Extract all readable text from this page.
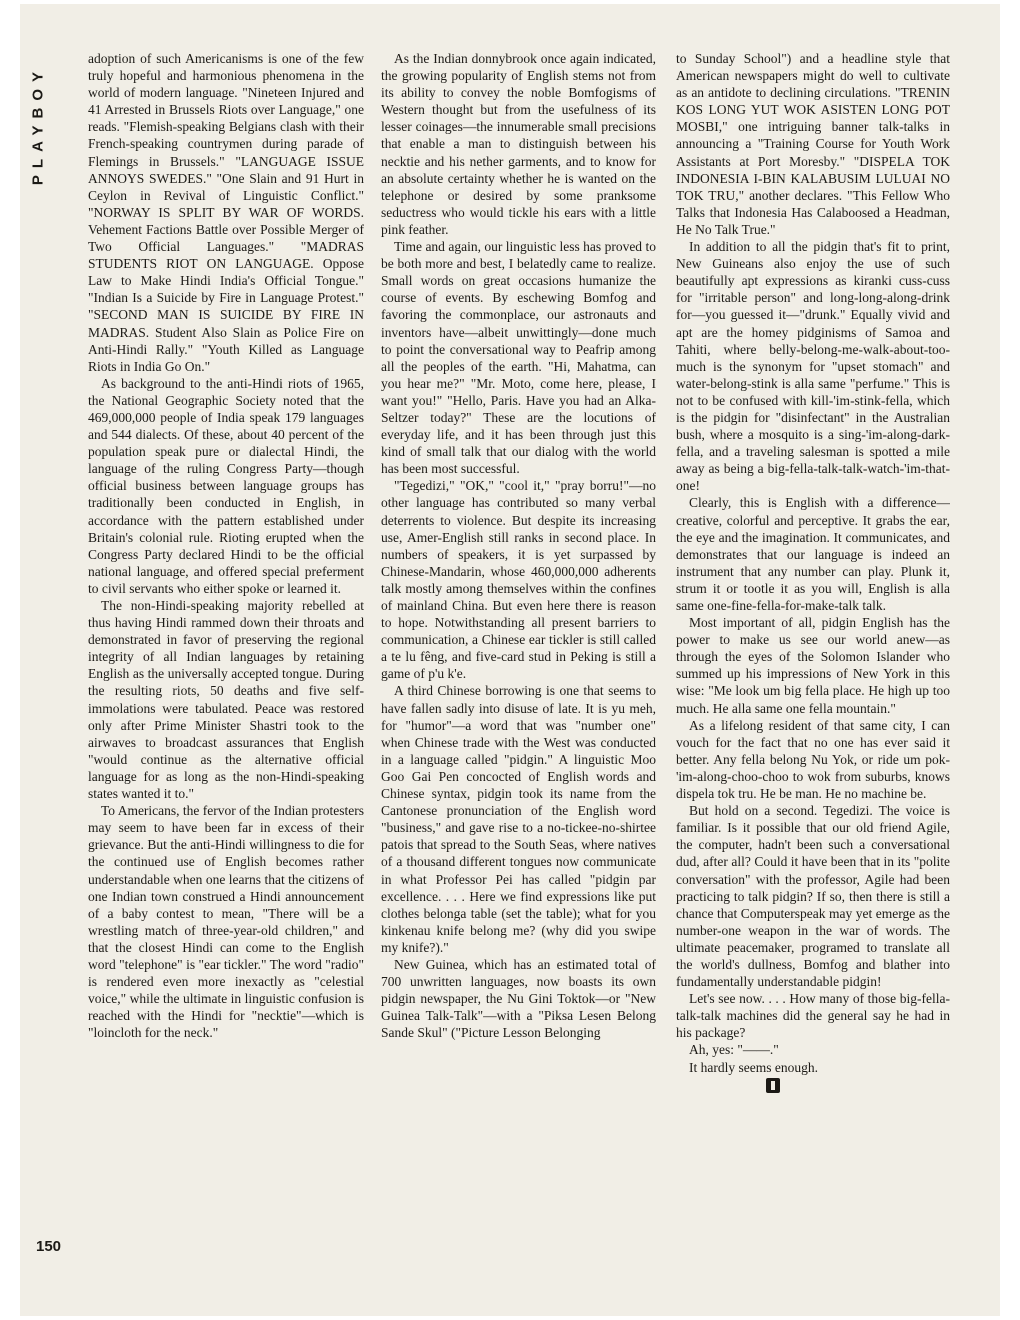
PLAYBOY

adoption of such Americanisms is one of the few truly hopeful and harmonious phenomena in the world of modern language. "Nineteen Injured and 41 Arrested in Brussels Riots over Language," one reads. "Flemish-speaking Belgians clash with their French-speaking countrymen during parade of Flemings in Brussels." "LANGUAGE ISSUE ANNOYS SWEDES." "One Slain and 91 Hurt in Ceylon in Revival of Linguistic Conflict." "NORWAY IS SPLIT BY WAR OF WORDS. Vehement Factions Battle over Possible Merger of Two Official Languages." "MADRAS STUDENTS RIOT ON LANGUAGE. Oppose Law to Make Hindi India's Official Tongue." "Indian Is a Suicide by Fire in Language Protest." "SECOND MAN IS SUICIDE BY FIRE IN MADRAS. Student Also Slain as Police Fire on Anti-Hindi Rally." "Youth Killed as Language Riots in India Go On."

As background to the anti-Hindi riots of 1965, the National Geographic Society noted that the 469,000,000 people of India speak 179 languages and 544 dialects. Of these, about 40 percent of the population speak pure or dialectal Hindi, the language of the ruling Congress Party—though official business between language groups has traditionally been conducted in English, in accordance with the pattern established under Britain's colonial rule. Rioting erupted when the Congress Party declared Hindi to be the official national language, and offered special preferment to civil servants who either spoke or learned it.

The non-Hindi-speaking majority rebelled at thus having Hindi rammed down their throats and demonstrated in favor of preserving the regional integrity of all Indian languages by retaining English as the universally accepted tongue. During the resulting riots, 50 deaths and five self-immolations were tabulated. Peace was restored only after Prime Minister Shastri took to the airwaves to broadcast assurances that English "would continue as the alternative official language for as long as the non-Hindi-speaking states wanted it to."

To Americans, the fervor of the Indian protesters may seem to have been far in excess of their grievance. But the anti-Hindi willingness to die for the continued use of English becomes rather understandable when one learns that the citizens of one Indian town construed a Hindi announcement of a baby contest to mean, "There will be a wrestling match of three-year-old children," and that the closest Hindi can come to the English word "telephone" is "ear tickler." The word "radio" is rendered even more inexactly as "celestial voice," while the ultimate in linguistic confusion is reached with the Hindi for "necktie"—which is "loincloth for the neck."

As the Indian donnybrook once again indicated, the growing popularity of English stems not from its ability to convey the noble Bomfogisms of Western thought but from the usefulness of its lesser coinages—the innumerable small precisions that enable a man to distinguish between his necktie and his nether garments, and to know for an absolute certainty whether he is wanted on the telephone or desired by some pranksome seductress who would tickle his ears with a little pink feather.

Time and again, our linguistic less has proved to be both more and best, I belatedly came to realize. Small words on great occasions humanize the course of events. By eschewing Bomfog and favoring the commonplace, our astronauts and inventors have—albeit unwittingly—done much to point the conversational way to Peafrip among all the peoples of the earth. "Hi, Mahatma, can you hear me?" "Mr. Moto, come here, please, I want you!" "Hello, Paris. Have you had an Alka-Seltzer today?" These are the locutions of everyday life, and it has been through just this kind of small talk that our dialog with the world has been most successful.

"Tegedizi," "OK," "cool it," "pray borru!"—no other language has contributed so many verbal deterrents to violence. But despite its increasing use, Amer-English still ranks in second place. In numbers of speakers, it is yet surpassed by Chinese-Mandarin, whose 460,000,000 adherents talk mostly among themselves within the confines of mainland China. But even here there is reason to hope. Notwithstanding all present barriers to communication, a Chinese ear tickler is still called a te lu fêng, and five-card stud in Peking is still a game of p'u k'e.

A third Chinese borrowing is one that seems to have fallen sadly into disuse of late. It is yu meh, for "humor"—a word that was "number one" when Chinese trade with the West was conducted in a language called "pidgin." A linguistic Moo Goo Gai Pen concocted of English words and Chinese syntax, pidgin took its name from the Cantonese pronunciation of the English word "business," and gave rise to a no-tickee-no-shirtee patois that spread to the South Seas, where natives of a thousand different tongues now communicate in what Professor Pei has called "pidgin par excellence. . . . Here we find expressions like put clothes belonga table (set the table); what for you kinkenau knife belong me? (why did you swipe my knife?)."

New Guinea, which has an estimated total of 700 unwritten languages, now boasts its own pidgin newspaper, the Nu Gini Toktok—or "New Guinea Talk-Talk"—with a "Piksa Lesen Belong Sande Skul" ("Picture Lesson Belonging

to Sunday School") and a headline style that American newspapers might do well to cultivate as an antidote to declining circulations. "TRENIN KOS LONG YUT WOK ASISTEN LONG POT MOSBI," one intriguing banner talk-talks in announcing a "Training Course for Youth Work Assistants at Port Moresby." "DISPELA TOK INDONESIA I-BIN KALABUSIM LULUAI NO TOK TRU," another declares. "This Fellow Who Talks that Indonesia Has Calaboosed a Headman, He No Talk True."

In addition to all the pidgin that's fit to print, New Guineans also enjoy the use of such beautifully apt expressions as kiranki cuss-cuss for "irritable person" and long-long-along-drink for—you guessed it—"drunk." Equally vivid and apt are the homey pidginisms of Samoa and Tahiti, where belly-belong-me-walk-about-too-much is the synonym for "upset stomach" and water-belong-stink is alla same "perfume." This is not to be confused with kill-'im-stink-fella, which is the pidgin for "disinfectant" in the Australian bush, where a mosquito is a sing-'im-along-dark-fella, and a traveling salesman is spotted a mile away as being a big-fella-talk-talk-watch-'im-that-one!

Clearly, this is English with a difference—creative, colorful and perceptive. It grabs the ear, the eye and the imagination. It communicates, and demonstrates that our language is indeed an instrument that any number can play. Plunk it, strum it or tootle it as you will, English is alla same one-fine-fella-for-make-talk talk.

Most important of all, pidgin English has the power to make us see our world anew—as through the eyes of the Solomon Islander who summed up his impressions of New York in this wise: "Me look um big fella place. He high up too much. He alla same one fella mountain."

As a lifelong resident of that same city, I can vouch for the fact that no one has ever said it better. Any fella belong Nu Yok, or ride um pok-'im-along-choo-choo to wok from suburbs, knows dispela tok tru. He be man. He no machine be.

But hold on a second. Tegedizi. The voice is familiar. Is it possible that our old friend Agile, the computer, hadn't been such a conversational dud, after all? Could it have been that in its "polite conversation" with the professor, Agile had been practicing to talk pidgin? If so, then there is still a chance that Computerspeak may yet emerge as the number-one weapon in the war of words. The ultimate peacemaker, programed to translate all the world's dullness, Bomfog and blather into fundamentally understandable pidgin!

Let's see now. . . . How many of those big-fella-talk-talk machines did the general say he had in his package?

Ah, yes: "——."

It hardly seems enough.

150
